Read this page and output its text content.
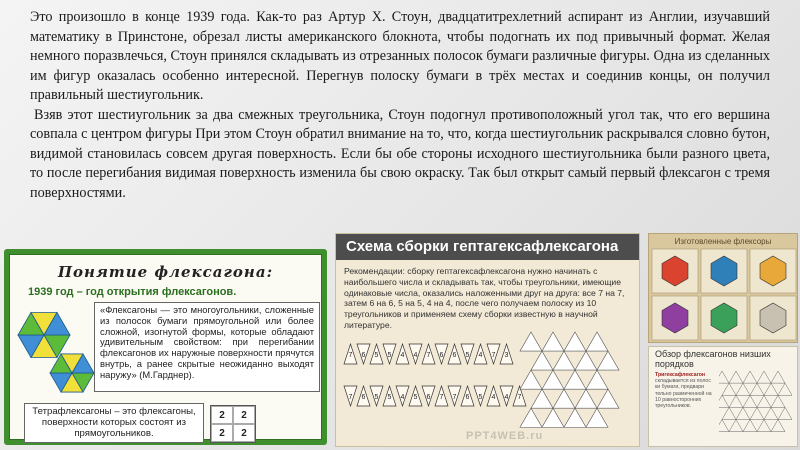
Это произошло в конце 1939 года. Как-то раз Артур Х. Стоун, двадцатитрехлетний аспирант из Англии, изучавший математику в Принстоне, обрезал листы американского блокнота, чтобы подогнать их под привычный формат. Желая немного поразвлечься, Стоун принялся складывать из отрезанных полосок бумаги различные фигуры. Одна из сделанных им фигур оказалась особенно интересной. Перегнув полоску бумаги в трёх местах и соединив концы, он получил правильный шестиугольник.

Взяв этот шестиугольник за два смежных треугольника, Стоун подогнул противоположный угол так, что его вершина совпала с центром фигуры При этом Стоун обратил внимание на то, что, когда шестиугольник раскрывался словно бутон, видимой становилась совсем другая поверхность. Если бы обе стороны исходного шестиугольника были разного цвета, то после перегибания видимая поверхность изменила бы свою окраску. Так был открыт самый первый флексагон с тремя поверхностями.

Понятие флексагона:
1939 год – год открытия флексагонов.
«Флексагоны — это многоугольники, сложенные из полосок бумаги прямоугольной или более сложной, изогнутой формы, которые обладают удивительным свойством: при перегибании флексагонов их наружные поверхности прячутся внутрь, а ранее скрытые неожиданно выходят наружу» (М.Гарднер).
Тетрафлексагоны – это флексагоны, поверхности которых состоят из прямоугольников.
2	2
2	2
Схема сборки гептагексафлексагона
Рекомендации: сборку гептагексафлексагона нужно начинать с наибольшего числа и складывать так, чтобы треугольники, имеющие одинаковые числа, оказались наложенными друг на друга: все 7 на 7, затем 6 на 6, 5 на 5, 4 на 4, после чего получаем полоску из 10 треугольников и применяем схему сборки известную в научной литературе.
7 6 5 5 4 4 7 6 6 5 4 7 3
7 6 5 5 4 5 6 7 7 6 5 4 4 7
PPT4WEB.ru
Изготовленные флексоры
Обзор флексагонов низших порядков
Тригексафлексагон
складывается из полос ки бумаги, предвари тельно размеченной на 10 равносторонних треугольников.
